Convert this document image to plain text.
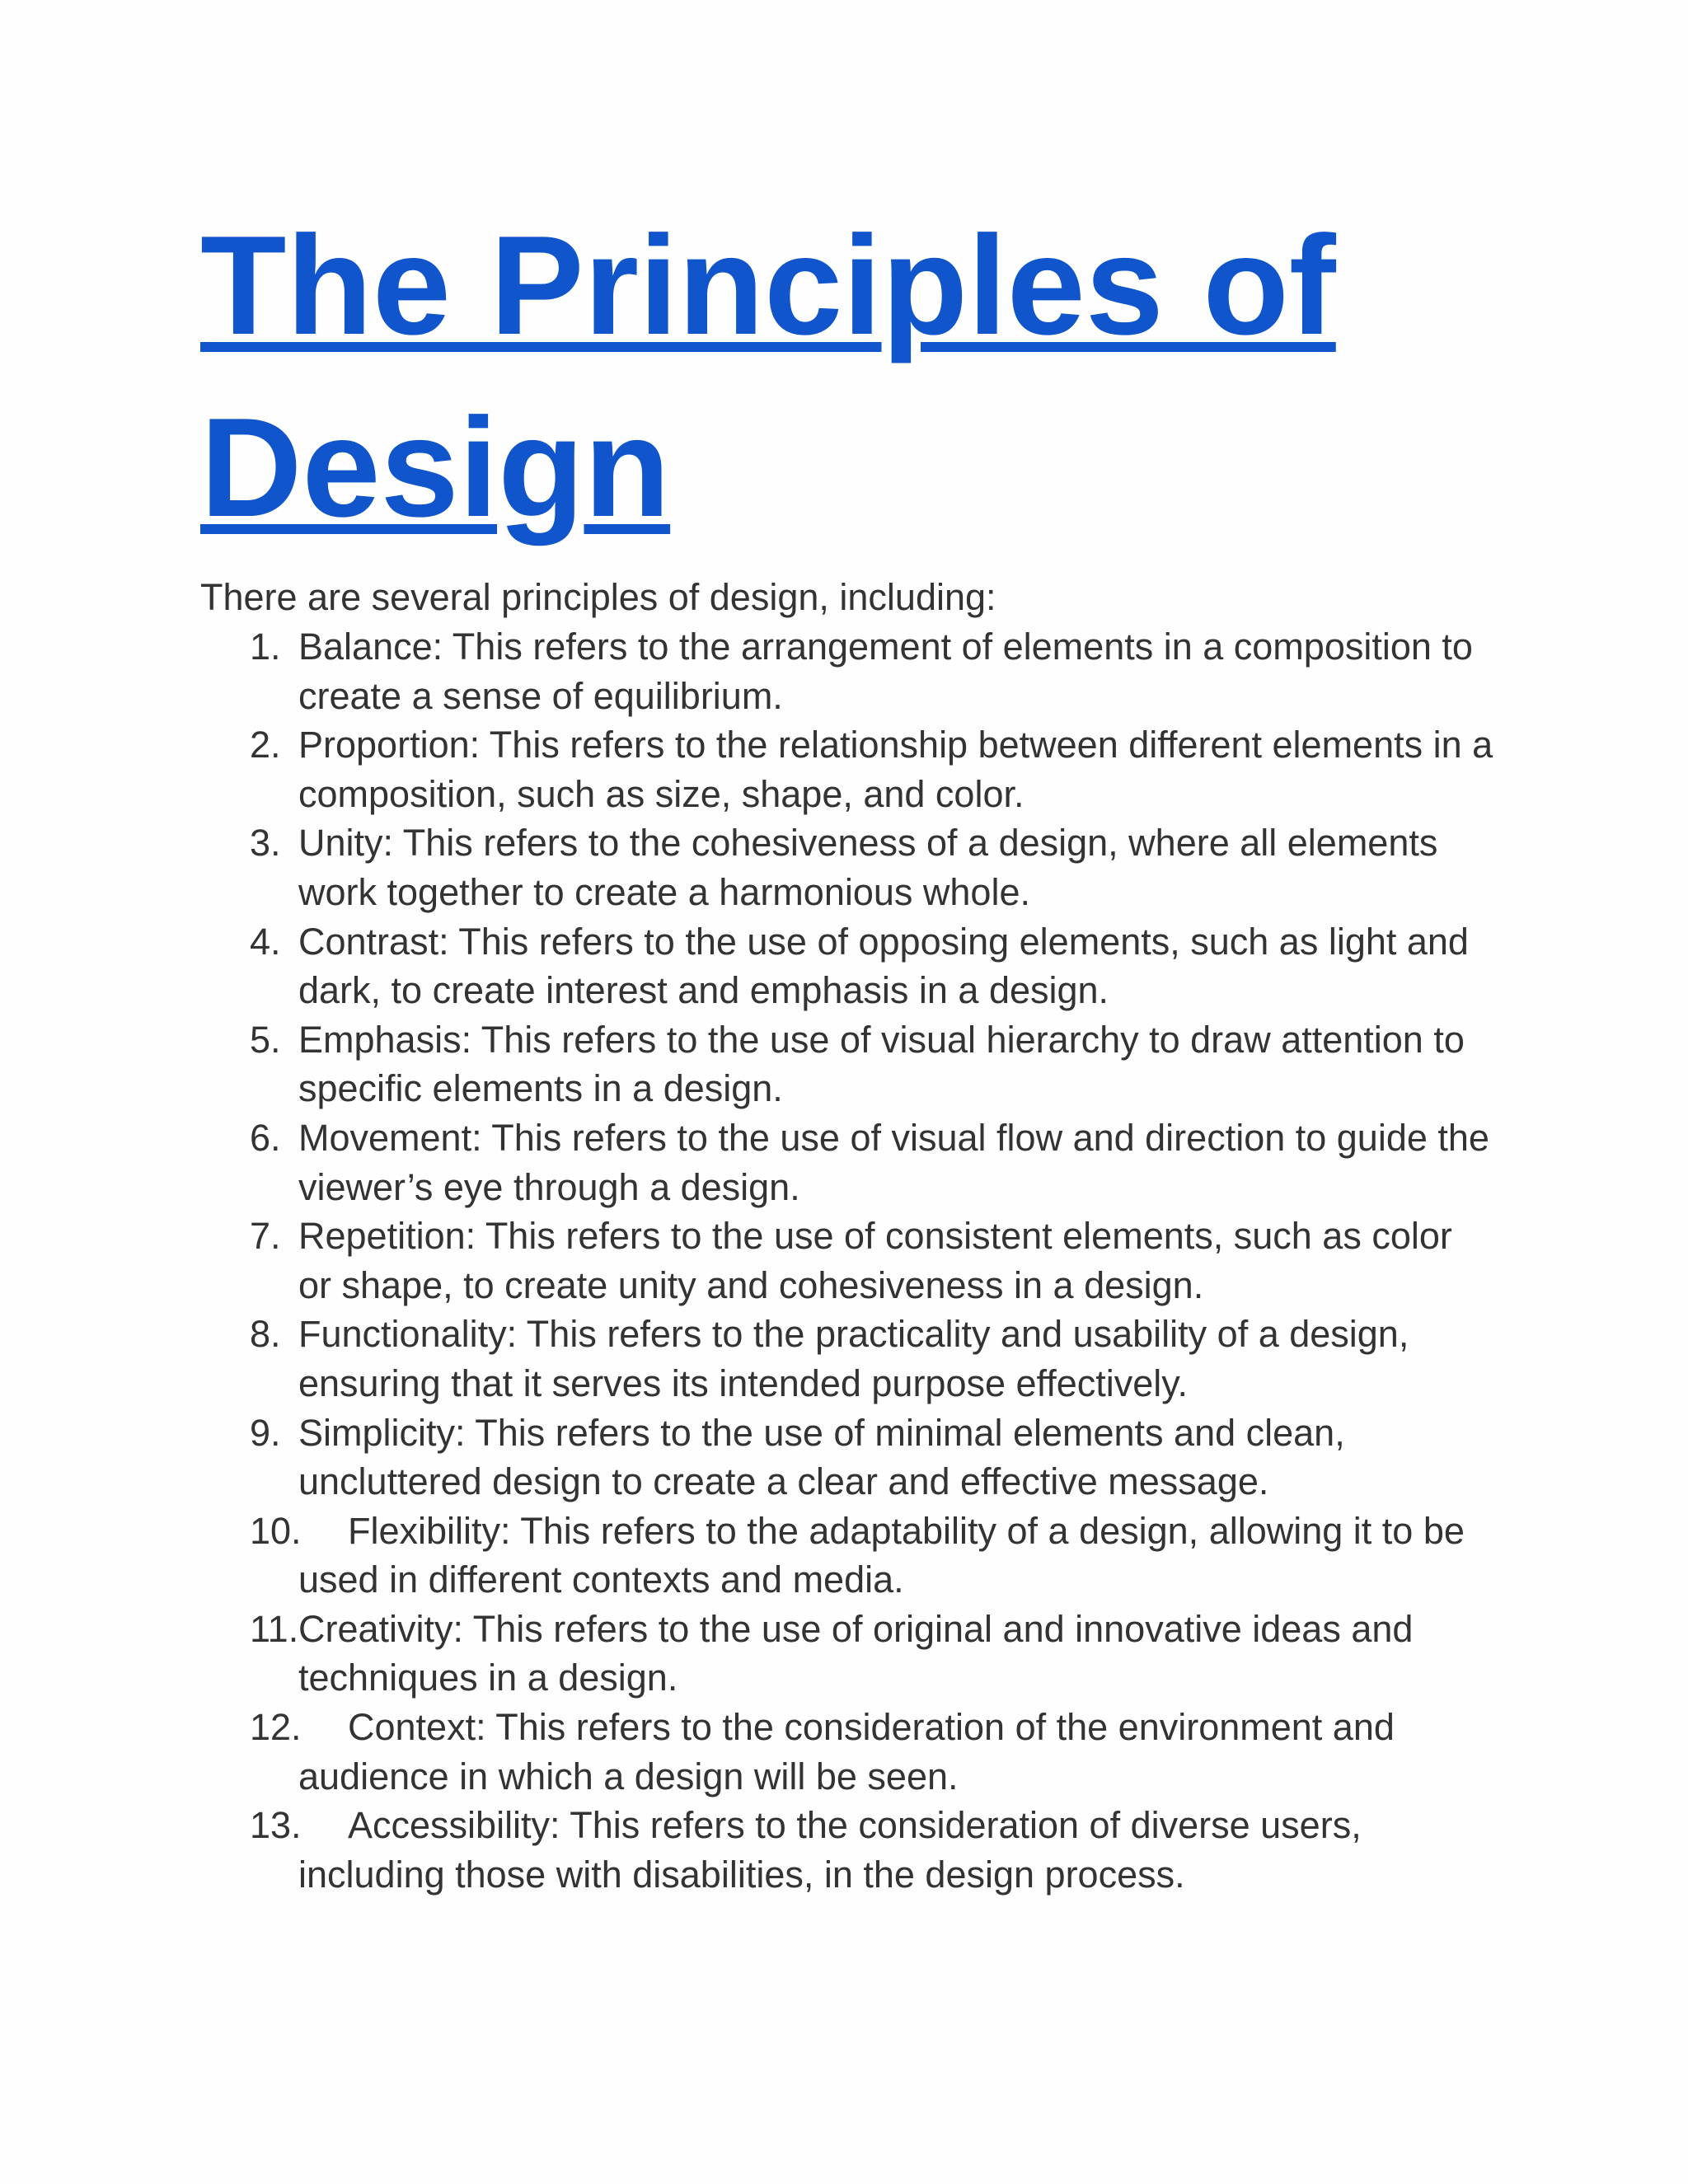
The Principles of Design

There are several principles of design, including:

1. Balance: This refers to the arrangement of elements in a composition to create a sense of equilibrium.
2. Proportion: This refers to the relationship between different elements in a composition, such as size, shape, and color.
3. Unity: This refers to the cohesiveness of a design, where all elements work together to create a harmonious whole.
4. Contrast: This refers to the use of opposing elements, such as light and dark, to create interest and emphasis in a design.
5. Emphasis: This refers to the use of visual hierarchy to draw attention to specific elements in a design.
6. Movement: This refers to the use of visual flow and direction to guide the viewer’s eye through a design.
7. Repetition: This refers to the use of consistent elements, such as color or shape, to create unity and cohesiveness in a design.
8. Functionality: This refers to the practicality and usability of a design, ensuring that it serves its intended purpose effectively.
9. Simplicity: This refers to the use of minimal elements and clean, uncluttered design to create a clear and effective message.
10. Flexibility: This refers to the adaptability of a design, allowing it to be used in different contexts and media.
11. Creativity: This refers to the use of original and innovative ideas and techniques in a design.
12. Context: This refers to the consideration of the environment and audience in which a design will be seen.
13. Accessibility: This refers to the consideration of diverse users, including those with disabilities, in the design process.
